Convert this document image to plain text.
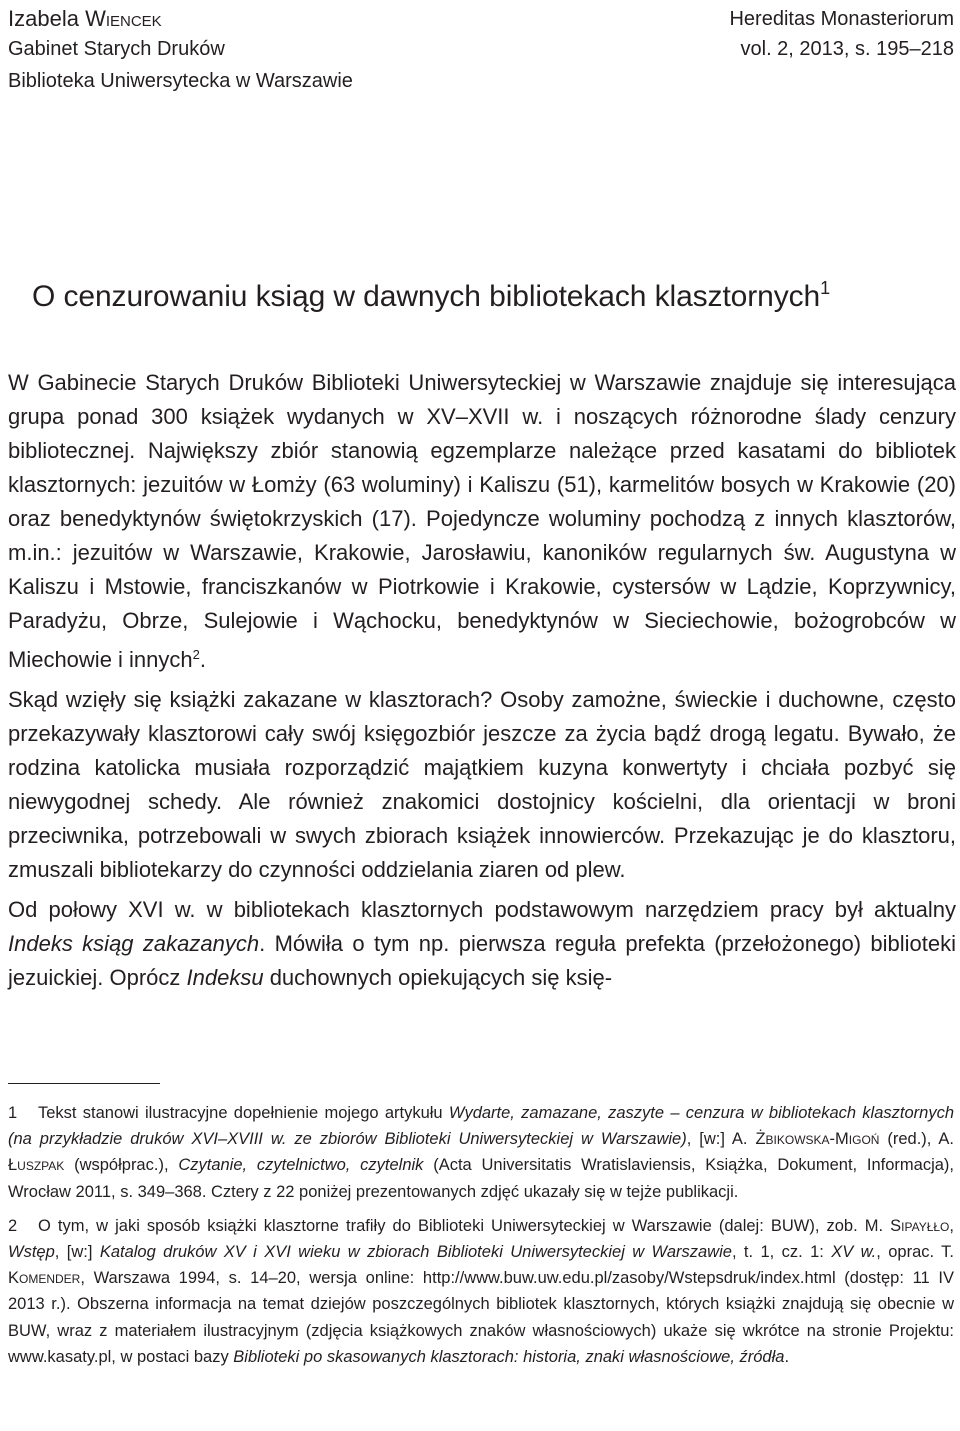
Izabela Wiencek
Gabinet Starych Druków
Biblioteka Uniwersytecka w Warszawie
Hereditas Monasteriorum
vol. 2, 2013, s. 195–218
O cenzurowaniu ksiąg w dawnych bibliotekach klasztornych$^1$

W Gabinecie Starych Druków Biblioteki Uniwersyteckiej w Warszawie znajduje się interesująca grupa ponad 300 książek wydanych w XV–XVII w. i noszących różnorodne ślady cenzury bibliotecznej. Największy zbiór stanowią egzemplarze należące przed kasatami do bibliotek klasztornych: jezuitów w Łomży (63 woluminy) i Kaliszu (51), karmelitów bosych w Krakowie (20) oraz benedyktynów świętokrzyskich (17). Pojedyncze woluminy pochodzą z innych klasztorów, m.in.: jezuitów w Warszawie, Krakowie, Jarosławiu, kanoników regularnych św. Augustyna w Kaliszu i Mstowie, franciszkanów w Piotrkowie i Krakowie, cystersów w Lądzie, Koprzywnicy, Paradyżu, Obrze, Sulejowie i Wąchocku, benedyktynów w Sieciechowie, bożogrobców w Miechowie i innych$^2$.

Skąd wzięły się książki zakazane w klasztorach? Osoby zamożne, świeckie i duchowne, często przekazywały klasztorowi cały swój księgozbiór jeszcze za życia bądź drogą legatu. Bywało, że rodzina katolicka musiała rozporządzić majątkiem kuzyna konwertyty i chciała pozbyć się niewygodnej schedy. Ale również znakomici dostojnicy kościelni, dla orientacji w broni przeciwnika, potrzebowali w swych zbiorach książek innowierców. Przekazując je do klasztoru, zmuszali bibliotekarzy do czynności oddzielania ziaren od plew.

Od połowy XVI w. w bibliotekach klasztornych podstawowym narzędziem pracy był aktualny Indeks ksiąg zakazanych. Mówiła o tym np. pierwsza reguła prefekta (przełożonego) biblioteki jezuickiej. Oprócz Indeksu duchownych opiekujących się księ-

1 Tekst stanowi ilustracyjne dopełnienie mojego artykułu Wydarte, zamazane, zaszyte – cenzura w bibliotekach klasztornych (na przykładzie druków XVI–XVIII w. ze zbiorów Biblioteki Uniwersyteckiej w Warszawie), [w:] A. Żbikowska-Migoń (red.), A. Łuszpak (współprac.), Czytanie, czytelnictwo, czytelnik (Acta Universitatis Wratislaviensis, Książka, Dokument, Informacja), Wrocław 2011, s. 349–368. Cztery z 22 poniżej prezentowanych zdjęć ukazały się w tejże publikacji.

2 O tym, w jaki sposób książki klasztorne trafiły do Biblioteki Uniwersyteckiej w Warszawie (dalej: BUW), zob. M. Sipayłło, Wstęp, [w:] Katalog druków XV i XVI wieku w zbiorach Biblioteki Uniwersyteckiej w Warszawie, t. 1, cz. 1: XV w., oprac. T. Komender, Warszawa 1994, s. 14–20, wersja online: http://www.buw.uw.edu.pl/zasoby/Wstepsdruk/index.html (dostęp: 11 IV 2013 r.). Obszerna informacja na temat dziejów poszczególnych bibliotek klasztornych, których książki znajdują się obecnie w BUW, wraz z materiałem ilustracyjnym (zdjęcia książkowych znaków własnościowych) ukaże się wkrótce na stronie Projektu: www.kasaty.pl, w postaci bazy Biblioteki po skasowanych klasztorach: historia, znaki własnościowe, źródła.
